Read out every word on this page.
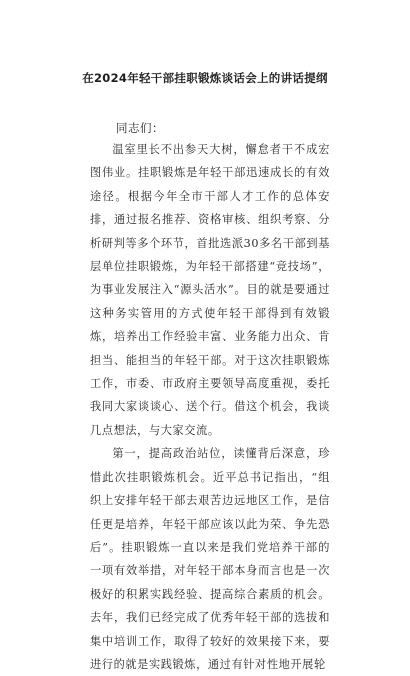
在2024年轻干部挂职锻炼谈话会上的讲话提纲
同志们：

温室里长不出参天大树，懈怠者干不成宏图伟业。挂职锻炼是年轻干部迅速成长的有效途径。根据今年全市干部人才工作的总体安排，通过报名推荐、资格审核、组织考察、分析研判等多个环节，首批选派30多名干部到基层单位挂职锻炼，为年轻干部搭建“竞技场”，为事业发展注入“源头活水”。目的就是要通过这种务实管用的方式使年轻干部得到有效锻炼，培养出工作经验丰富、业务能力出众、肯担当、能担当的年轻干部。对于这次挂职锻炼工作，市委、市政府主要领导高度重视，委托我同大家谈谈心、送个行。借这个机会，我谈几点想法，与大家交流。

第一，提高政治站位，读懂背后深意，珍惜此次挂职锻炼机会。近平总书记指出，“组织上安排年轻干部去艰苦边远地区工作，是信任更是培养，年轻干部应该以此为荣、争先恐后”。挂职锻炼一直以来是我们党培养干部的一项有效举措，对年轻干部本身而言也是一次极好的积累实践经验、提高综合素质的机会。去年，我们已经完成了优秀年轻干部的选拔和集中培训工作，取得了较好的效果接下来，要进行的就是实践锻炼，通过有针对性地开展轮
